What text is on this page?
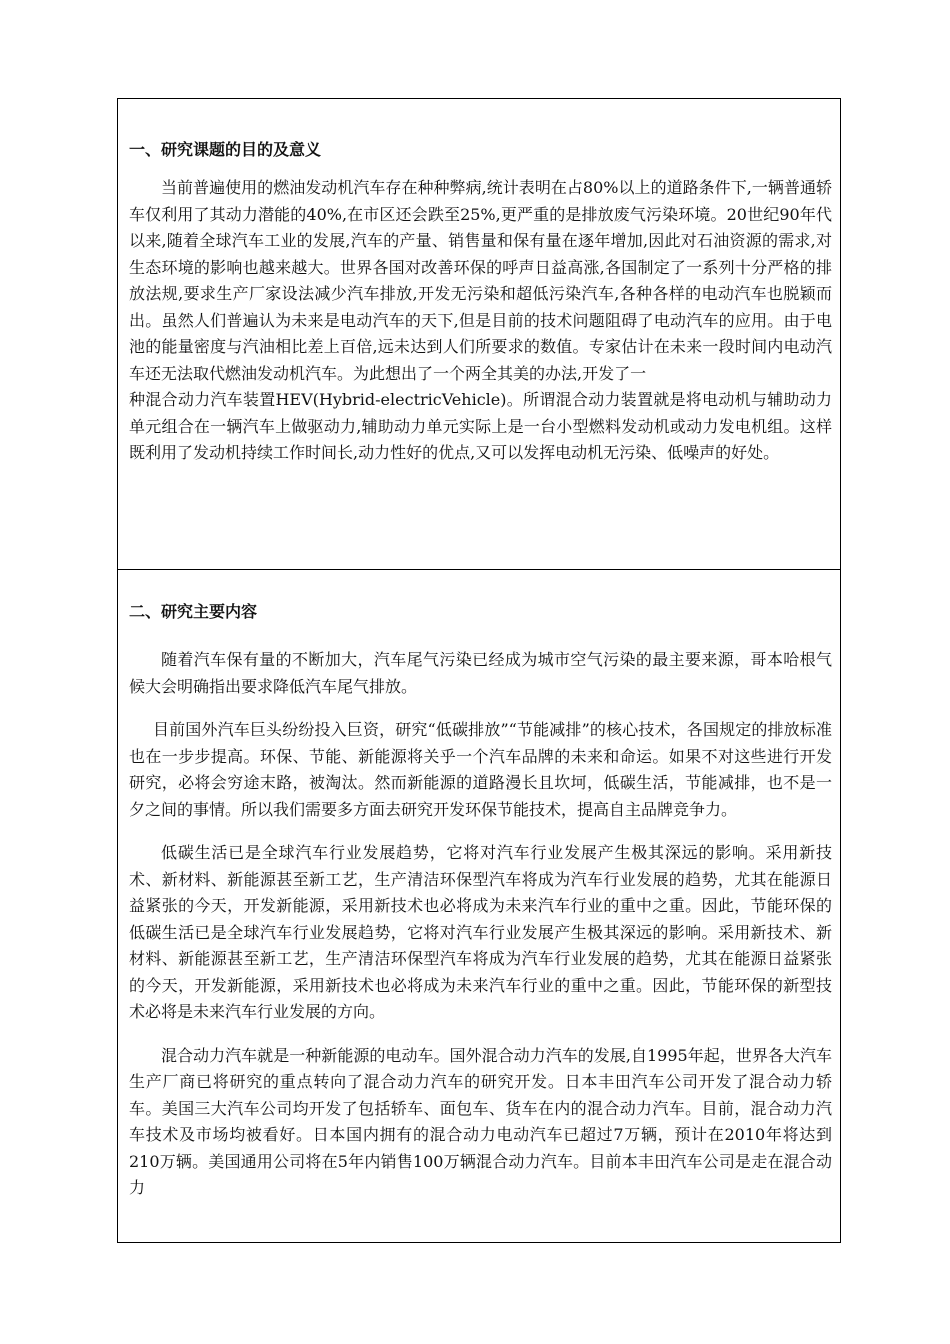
一、研究课题的目的及意义

当前普遍使用的燃油发动机汽车存在种种弊病,统计表明在占80%以上的道路条件下,一辆普通轿车仅利用了其动力潜能的40%,在市区还会跌至25%,更严重的是排放废气污染环境。20世纪90年代以来,随着全球汽车工业的发展,汽车的产量、销售量和保有量在逐年增加,因此对石油资源的需求,对生态环境的影响也越来越大。世界各国对改善环保的呼声日益高涨,各国制定了一系列十分严格的排放法规,要求生产厂家设法减少汽车排放,开发无污染和超低污染汽车,各种各样的电动汽车也脱颖而出。虽然人们普遍认为未来是电动汽车的天下,但是目前的技术问题阻碍了电动汽车的应用。由于电池的能量密度与汽油相比差上百倍,远未达到人们所要求的数值。专家估计在未来一段时间内电动汽车还无法取代燃油发动机汽车。为此想出了一个两全其美的办法,开发了一

种混合动力汽车装置HEV(Hybrid-electricVehicle)。所谓混合动力装置就是将电动机与辅助动力单元组合在一辆汽车上做驱动力,辅助动力单元实际上是一台小型燃料发动机或动力发电机组。这样既利用了发动机持续工作时间长,动力性好的优点,又可以发挥电动机无污染、低噪声的好处。

二、研究主要内容

随着汽车保有量的不断加大，汽车尾气污染已经成为城市空气污染的最主要来源，哥本哈根气候大会明确指出要求降低汽车尾气排放。

目前国外汽车巨头纷纷投入巨资，研究“低碳排放”“节能减排”的核心技术，各国规定的排放标准也在一步步提高。环保、节能、新能源将关乎一个汽车品牌的未来和命运。如果不对这些进行开发研究，必将会穷途末路，被淘汰。然而新能源的道路漫长且坎坷，低碳生活，节能减排，也不是一夕之间的事情。所以我们需要多方面去研究开发环保节能技术，提高自主品牌竞争力。

低碳生活已是全球汽车行业发展趋势，它将对汽车行业发展产生极其深远的影响。采用新技术、新材料、新能源甚至新工艺，生产清洁环保型汽车将成为汽车行业发展的趋势，尤其在能源日益紧张的今天，开发新能源，采用新技术也必将成为未来汽车行业的重中之重。因此，节能环保的低碳生活已是全球汽车行业发展趋势，它将对汽车行业发展产生极其深远的影响。采用新技术、新材料、新能源甚至新工艺，生产清洁环保型汽车将成为汽车行业发展的趋势，尤其在能源日益紧张的今天，开发新能源，采用新技术也必将成为未来汽车行业的重中之重。因此，节能环保的新型技术必将是未来汽车行业发展的方向。

混合动力汽车就是一种新能源的电动车。国外混合动力汽车的发展,自1995年起，世界各大汽车生产厂商已将研究的重点转向了混合动力汽车的研究开发。日本丰田汽车公司开发了混合动力轿车。美国三大汽车公司均开发了包括轿车、面包车、货车在内的混合动力汽车。目前，混合动力汽车技术及市场均被看好。日本国内拥有的混合动力电动汽车已超过7万辆，预计在2010年将达到210万辆。美国通用公司将在5年内销售100万辆混合动力汽车。目前本丰田汽车公司是走在混合动力
